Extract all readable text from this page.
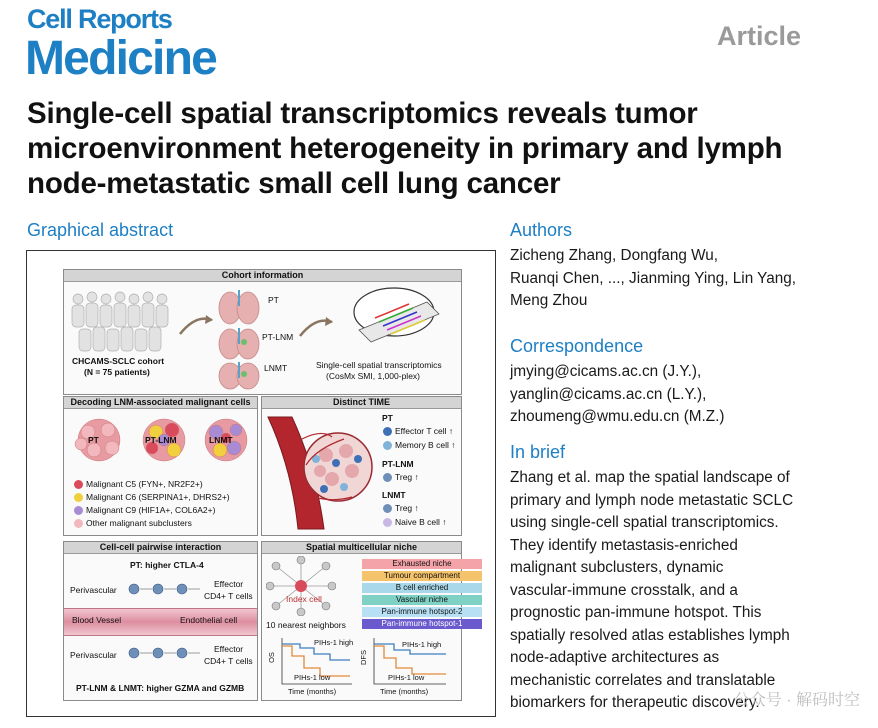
Cell Reports
Medicine	Article
Single-cell spatial transcriptomics reveals tumor microenvironment heterogeneity in primary and lymph node-metastatic small cell lung cancer
Graphical abstract
Cohort information
CHCAMS-SCLC cohort
(N = 75 patients)
PT
PT-LNM
LNMT	Single-cell spatial transcriptomics
(CosMx SMI, 1,000-plex)
Decoding LNM-associated malignant cells
PT	PT-LNM	LNMT
Malignant C5 (FYN+, NR2F2+)
Malignant C6 (SERPINA1+, DHRS2+)
Malignant C9 (HIF1A+, COL6A2+)
Other malignant subclusters
Distinct TIME
PT
Effector T cell ↑
Memory B cell ↑
PT-LNM
Treg ↑
LNMT
Treg ↑
Naive B cell ↑
Cell-cell pairwise interaction
PT: higher CTLA-4
Perivascular
Effector
CD4+ T cells
Blood Vessel	Endothelial cell
Perivascular
Effector
CD4+ T cells
PT-LNM & LNMT: higher GZMA and GZMB
Spatial multicellular niche
Index cell
10 nearest neighbors
Exhausted niche
Tumour compartment
B cell enriched
Vascular niche
Pan-immune hotspot-2
Pan-immune hotspot-1
OS
PIHs-1 high
PIHs-1 low
Time (months)
DFS
PIHs-1 high
PIHs-1 low
Time (months)
Authors
Zicheng Zhang, Dongfang Wu,
Ruanqi Chen, ..., Jianming Ying, Lin Yang,
Meng Zhou
Correspondence
jmying@cicams.ac.cn (J.Y.),
yanglin@cicams.ac.cn (L.Y.),
zhoumeng@wmu.edu.cn (M.Z.)
In brief
Zhang et al. map the spatial landscape of
primary and lymph node metastatic SCLC
using single-cell spatial transcriptomics.
They identify metastasis-enriched
malignant subclusters, dynamic
vascular-immune crosstalk, and a
prognostic pan-immune hotspot. This
spatially resolved atlas establishes lymph
node-adaptive architectures as
mechanistic correlates and translatable
biomarkers for therapeutic discovery.
公众号 · 解码时空
